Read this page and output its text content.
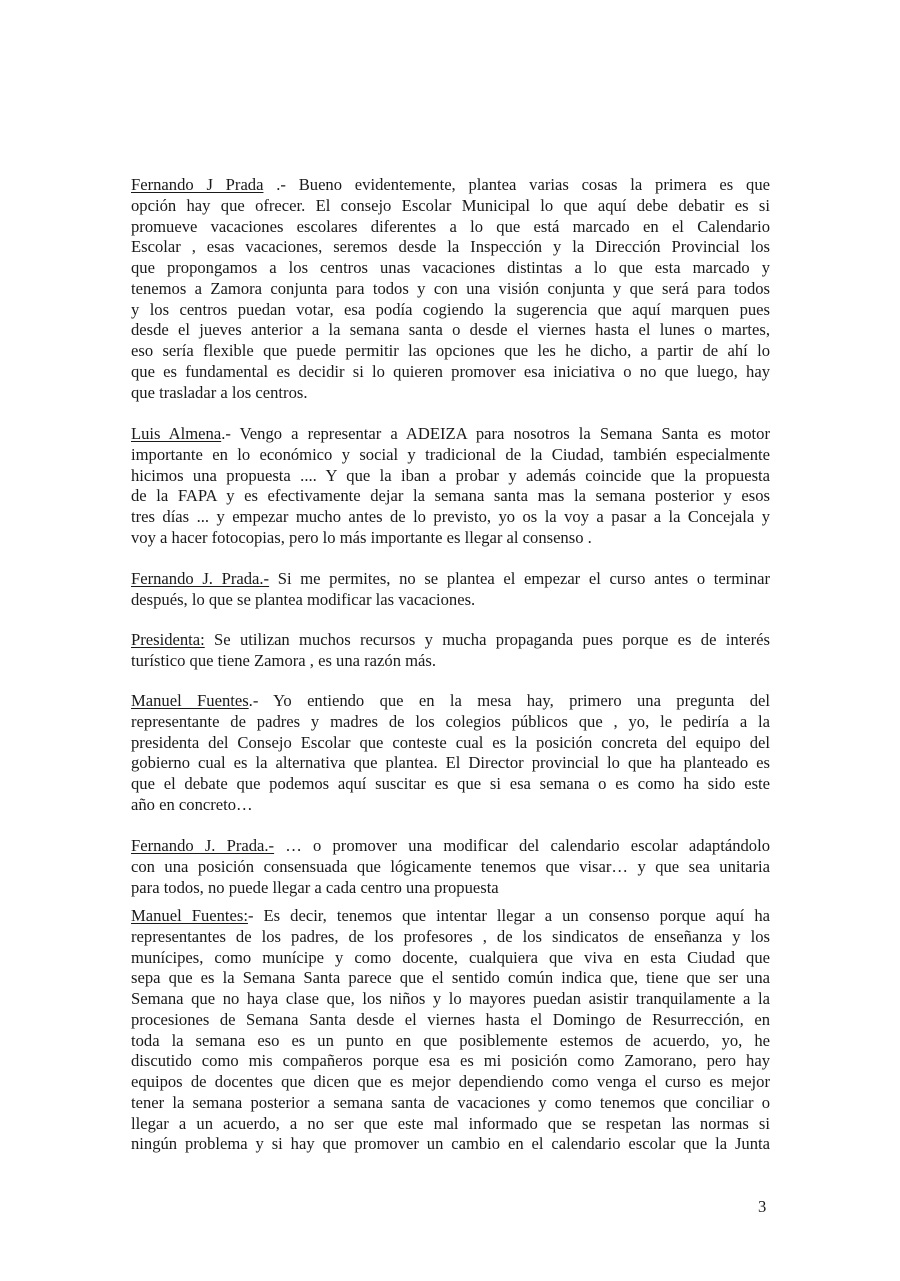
Fernando J Prada .- Bueno evidentemente, plantea varias cosas la primera es que
opción hay que ofrecer. El consejo Escolar Municipal lo que aquí debe debatir es si
promueve vacaciones escolares diferentes a lo que está marcado en el Calendario
Escolar , esas vacaciones, seremos desde la Inspección y la Dirección Provincial los
que propongamos a los centros unas vacaciones distintas a lo que esta marcado y
tenemos a Zamora conjunta para todos y con una visión conjunta y que será para todos
y los centros puedan votar, esa podía cogiendo la sugerencia que aquí marquen pues
desde el jueves anterior a la semana santa o desde el viernes hasta el lunes o martes,
eso sería flexible que puede permitir las opciones que les he dicho, a partir de ahí lo
que es fundamental es decidir si lo quieren promover esa iniciativa o no que luego, hay
que trasladar a los centros.
Luis Almena.- Vengo a representar a ADEIZA para nosotros la Semana Santa es motor
importante en lo económico y social y tradicional de la Ciudad, también especialmente
hicimos una propuesta .... Y que la iban a probar y además coincide que la propuesta
de la FAPA y es efectivamente dejar la semana santa mas la semana posterior y esos
tres días ... y empezar mucho antes de lo previsto, yo os la voy a pasar a la Concejala y
voy a hacer fotocopias, pero lo más importante es llegar al consenso .
Fernando J. Prada.- Si me permites, no se plantea el empezar el curso antes o terminar
después, lo que se plantea modificar las vacaciones.
Presidenta: Se utilizan muchos recursos y mucha propaganda pues porque es de interés
turístico que tiene Zamora , es una razón más.
Manuel Fuentes.- Yo entiendo que en la mesa hay, primero una pregunta del
representante de padres y madres de los colegios públicos que , yo, le pediría a la
presidenta del Consejo Escolar que conteste cual es la posición concreta del equipo del
gobierno cual es la alternativa que plantea. El Director provincial lo que ha planteado es
que el debate que podemos aquí suscitar es que si esa semana o es como ha sido este
año en concreto…
Fernando J. Prada.- … o promover una modificar del calendario escolar adaptándolo
con una posición consensuada que lógicamente tenemos que visar… y que sea unitaria
para todos, no puede llegar a cada centro una propuesta
Manuel Fuentes:- Es decir, tenemos que intentar llegar a un consenso porque aquí ha
representantes de los padres, de los profesores , de los sindicatos de enseñanza y los
munícipes, como munícipe y como docente, cualquiera que viva en esta Ciudad que
sepa que es la Semana Santa parece que el sentido común indica que, tiene que ser una
Semana que no haya clase que, los niños y lo mayores puedan asistir tranquilamente a la
procesiones de Semana Santa desde el viernes hasta el Domingo de Resurrección, en
toda la semana eso es un punto en que posiblemente estemos de acuerdo, yo, he
discutido como mis compañeros porque esa es mi posición como Zamorano, pero hay
equipos de docentes que dicen que es mejor dependiendo como venga el curso es mejor
tener la semana posterior a semana santa de vacaciones y como tenemos que conciliar o
llegar a un acuerdo, a no ser que este mal informado que se respetan las normas si
ningún problema y si hay que promover un cambio en el calendario escolar que la Junta
3
